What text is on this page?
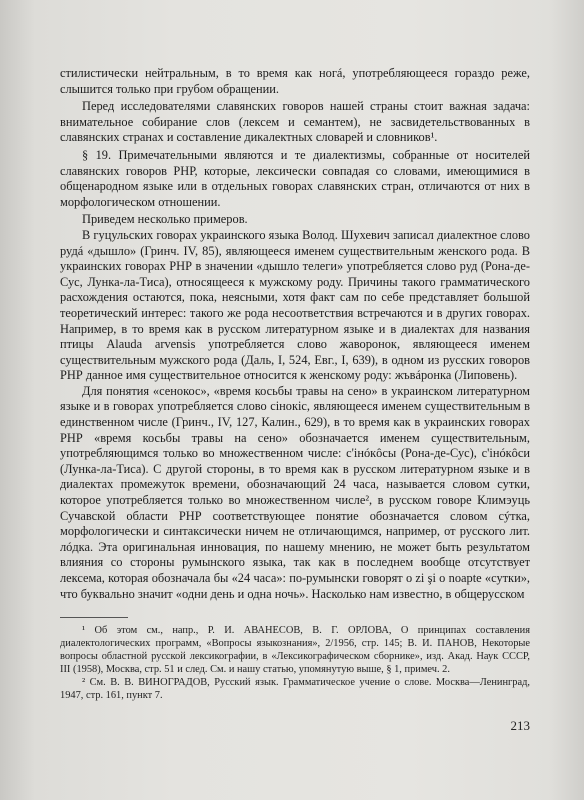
стилистически нейтральным, в то время как ногá, употребляющееся гораздо реже, слышится только при грубом обращении.

Перед исследователями славянских говоров нашей страны стоит важная задача: внимательное собирание слов (лексем и семантем), не засвидетельствованных в славянских странах и составление дикалектных словарей и словников¹.

§ 19. Примечательными являются и те диалектизмы, собранные от носителей славянских говоров РНР, которые, лексически совпадая со словами, имеющимися в общенародном языке или в отдельных говорах славянских стран, отличаются от них в морфологическом отношении.

Приведем несколько примеров.

В гуцульских говорах украинского языка Волод. Шухевич записал диалектное слово рудá «дышло» (Гринч. IV, 85), являющееся именем существительным женского рода. В украинских говорах РНР в значении «дышло телеги» употребляется слово руд (Рона-де-Сус, Лунка-ла-Тиса), относящееся к мужскому роду. Причины такого грамматического расхождения остаются, пока, неясными, хотя факт сам по себе представляет большой теоретический интерес: такого же рода несоответствия встречаются и в других говорах. Например, в то время как в русском литературном языке и в диалектах для названия птицы Alauda arvensis употребляется слово жаворонок, являющееся именем существительным мужского рода (Даль, I, 524, Евг., I, 639), в одном из русских говоров РНР данное имя существительное относится к женскому роду: жъвáронка (Липовень).

Для понятия «сенокос», «время косьбы травы на сено» в украинском литературном языке и в говорах употребляется слово сінокіс, являющееся именем существительным в единственном числе (Гринч., IV, 127, Калин., 629), в то время как в украинских говорах РНР «время косьбы травы на сено» обозначается именем существительным, употребляющимся только во множественном числе: с'iнóкôсы (Рона-де-Сус), с'iнóкôси (Лунка-ла-Тиса). С другой стороны, в то время как в русском литературном языке и в диалектах промежуток времени, обозначающий 24 часа, называется словом сутки, которое употребляется только во множественном числе², в русском говоре Климэуць Сучавской области РНР соответствующее понятие обозначается словом сýтка, морфологически и синтаксически ничем не отличающимся, например, от русского лит. лóдка. Эта оригинальная инновация, по нашему мнению, не может быть результатом влияния со стороны румынского языка, так как в последнем вообще отсутствует лексема, которая обозначала бы «24 часа»: по-румынски говорят o zi şi o noapte «сутки», что буквально значит «одни день и одна ночь». Насколько нам известно, в общерусском

¹ Об этом см., напр., Р. И. АВАНЕСОВ, В. Г. ОРЛОВА, О принципах составления диалектологических программ, «Вопросы языкознания», 2/1956, стр. 145; В. И. ПАНОВ, Некоторые вопросы областной русской лексикографии, в «Лексикографическом сборнике», изд. Акад. Наук СССР, III (1958), Москва, стр. 51 и след. См. и нашу статью, упомянутую выше, § 1, примеч. 2.

² См. В. В. ВИНОГРАДОВ, Русский язык. Грамматическое учение о слове. Москва—Ленинград, 1947, стр. 161, пункт 7.

213
